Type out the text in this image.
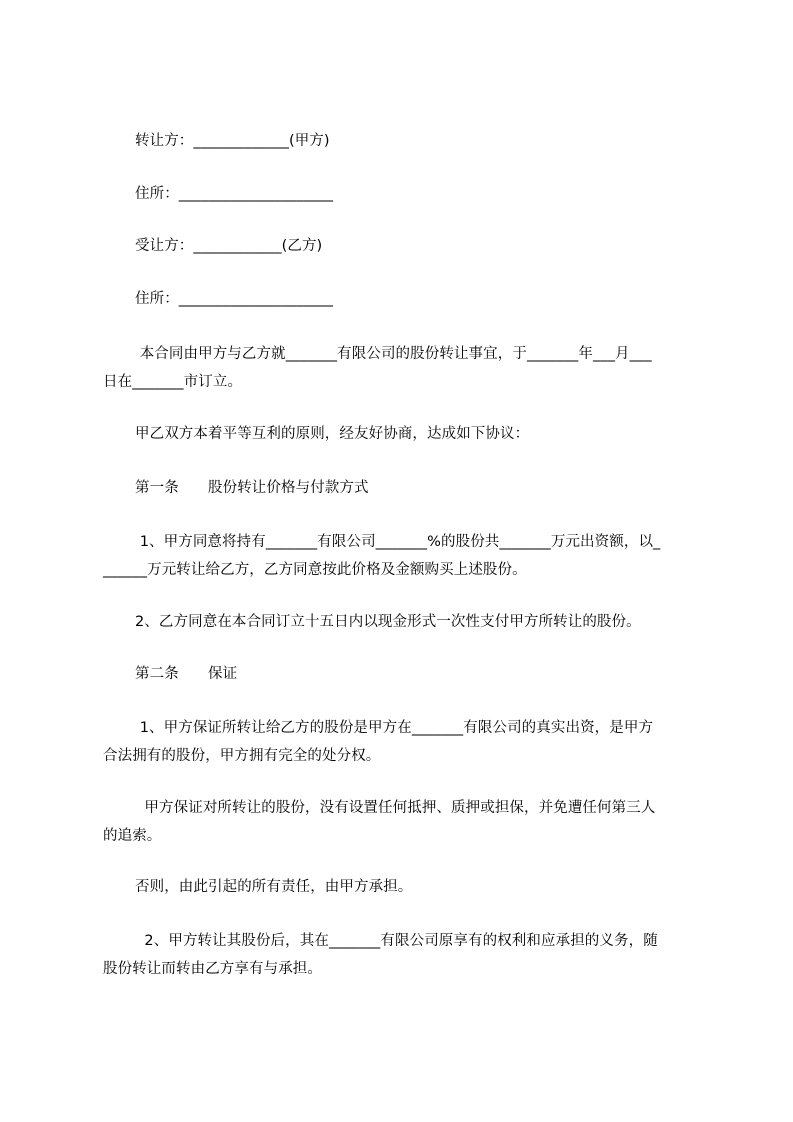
转让方：_____________(甲方)
住所：_____________________
受让方：____________(乙方)
住所：_____________________
本合同由甲方与乙方就_______有限公司的股份转让事宜，于_______年___月___
日在_______市订立。
甲乙双方本着平等互利的原则，经友好协商，达成如下协议：
第一条　　股份转让价格与付款方式
1、甲方同意将持有_______有限公司_______%的股份共_______万元出资额，以_
______万元转让给乙方，乙方同意按此价格及金额购买上述股份。
2、乙方同意在本合同订立十五日内以现金形式一次性支付甲方所转让的股份。
第二条　　保证
1、甲方保证所转让给乙方的股份是甲方在_______有限公司的真实出资，是甲方
合法拥有的股份，甲方拥有完全的处分权。
甲方保证对所转让的股份，没有设置任何抵押、质押或担保，并免遭任何第三人
的追索。
否则，由此引起的所有责任，由甲方承担。
2、甲方转让其股份后，其在_______有限公司原享有的权利和应承担的义务，随
股份转让而转由乙方享有与承担。
